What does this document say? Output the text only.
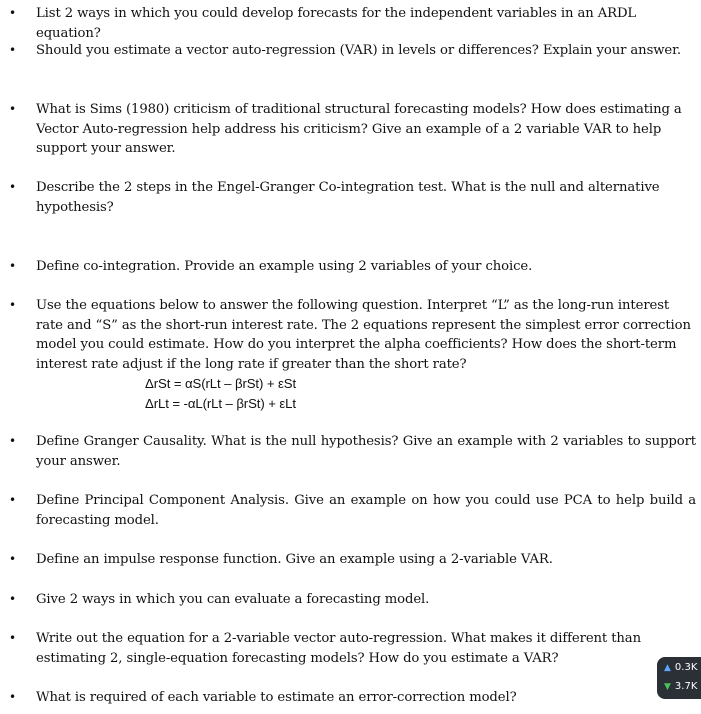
• List 2 ways in which you could develop forecasts for the independent variables in an ARDL equation?
• Should you estimate a vector auto-regression (VAR) in levels or differences? Explain your answer.
• What is Sims (1980) criticism of traditional structural forecasting models? How does estimating a Vector Auto-regression help address his criticism? Give an example of a 2 variable VAR to help support your answer.
• Describe the 2 steps in the Engel-Granger Co-integration test. What is the null and alternative hypothesis?
• Define co-integration. Provide an example using 2 variables of your choice.
• Use the equations below to answer the following question. Interpret “L” as the long-run interest rate and “S” as the short-run interest rate. The 2 equations represent the simplest error correction model you could estimate. How do you interpret the alpha coefficients? How does the short-term interest rate adjust if the long rate if greater than the short rate?
ΔrSt = αS(rLt – βrSt) + εSt
ΔrLt = -αL(rLt – βrSt) + εLt
• Define Granger Causality. What is the null hypothesis? Give an example with 2 variables to support your answer.
• Define Principal Component Analysis. Give an example on how you could use PCA to help build a forecasting model.
• Define an impulse response function. Give an example using a 2-variable VAR.
• Give 2 ways in which you can evaluate a forecasting model.
• Write out the equation for a 2-variable vector auto-regression. What makes it different than estimating 2, single-equation forecasting models? How do you estimate a VAR?
• What is required of each variable to estimate an error-correction model?
▲ 0.3K
▼ 3.7K
